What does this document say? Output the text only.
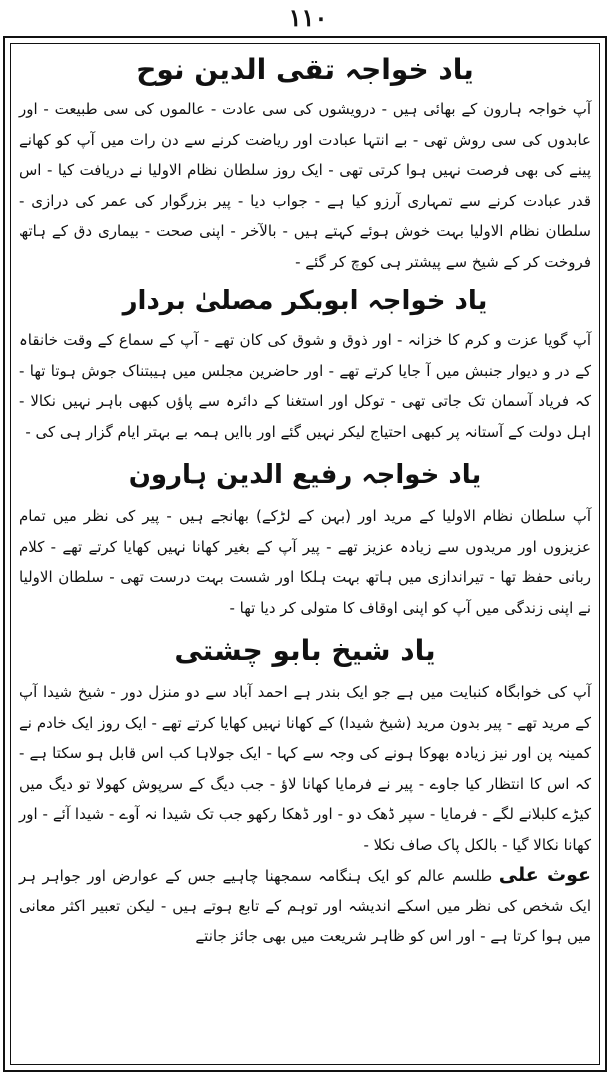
۱۱۰
یاد خواجہ تقی الدین نوح

آپ خواجہ ہارون کے بھائی ہیں - درویشوں کی سی عادت - عالموں کی سی طبیعت - اور عابدوں کی سی روش تھی - بے انتہا عبادت اور ریاضت کرنے سے دن رات میں آپ کو کھانے پینے کی بھی فرصت نہیں ہوا کرتی تھی - ایک روز سلطان نظام الاولیا نے دریافت کیا - اس قدر عبادت کرنے سے تمہاری آرزو کیا ہے - جواب دیا - پیر بزرگوار کی عمر کی درازی - سلطان نظام الاولیا بہت خوش ہوئے کہتے ہیں - بالآخر - اپنی صحت - بیماری دق کے ہاتھ فروخت کر کے شیخ سے پیشتر ہی کوچ کر گئے -

یاد خواجہ ابوبکر مصلیٰ بردار

آپ گویا عزت و کرم کا خزانہ - اور ذوق و شوق کی کان تھے - آپ کے سماع کے وقت خانقاہ کے در و دیوار جنبش میں آ جایا کرتے تھے - اور حاضرین مجلس میں ہیبتناک جوش ہوتا تھا - کہ فریاد آسمان تک جاتی تھی - توکل اور استغنا کے دائرہ سے پاؤں کبھی باہر نہیں نکالا - اہل دولت کے آستانہ پر کبھی احتیاج لیکر نہیں گئے اور باایں ہمہ بے بہتر ایام گزار ہی کی -

یاد خواجہ رفیع الدین ہارون

آپ سلطان نظام الاولیا کے مرید اور (بہن کے لڑکے) بھانجے ہیں - پیر کی نظر میں تمام عزیزوں اور مریدوں سے زیادہ عزیز تھے - پیر آپ کے بغیر کھانا نہیں کھایا کرتے تھے - کلام ربانی حفظ تھا - تیراندازی میں ہاتھ بہت ہلکا اور شست بہت درست تھی - سلطان الاولیا نے اپنی زندگی میں آپ کو اپنی اوقاف کا متولی کر دیا تھا -

یاد شیخ بابو چشتی

آپ کی خوابگاہ کنبایت میں ہے جو ایک بندر ہے احمد آباد سے دو منزل دور - شیخ شیدا آپ کے مرید تھے - پیر بدون مرید (شیخ شیدا) کے کھانا نہیں کھایا کرتے تھے - ایک روز ایک خادم نے کمینہ پن اور نیز زیادہ بھوکا ہونے کی وجہ سے کہا - ایک جولاہا کب اس قابل ہو سکتا ہے - کہ اس کا انتظار کیا جاوے - پیر نے فرمایا کھانا لاؤ - جب دیگ کے سرپوش کھولا تو دیگ میں کیڑے کلبلانے لگے - فرمایا - سپر ڈھک دو - اور ڈھکا رکھو جب تک شیدا نہ آوے - شیدا آئے - اور کھانا نکالا گیا - بالکل پاک صاف نکلا -

عوث علی طلسم عالم کو ایک ہنگامہ سمجھنا چاہیے جس کے عوارض اور جواہر ہر ایک شخص کی نظر میں اسکے اندیشہ اور توہم کے تابع ہوتے ہیں - لیکن تعبیر اکثر معانی میں ہوا کرتا ہے - اور اس کو ظاہر شریعت میں بھی جائز جانتے
